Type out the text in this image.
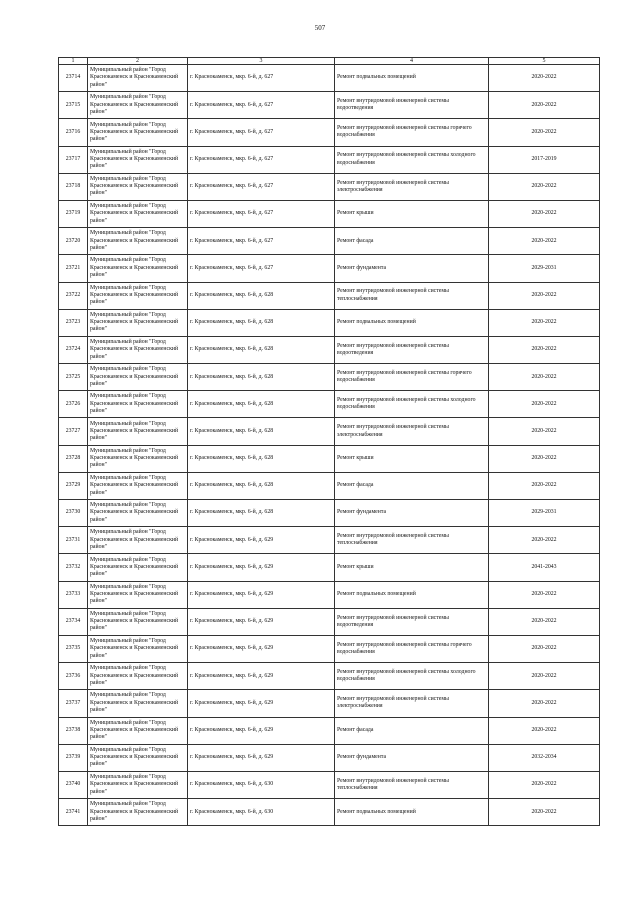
507
1	2	3	4	5
23714	Муниципальный район "Город Краснокаменск и Краснокаменский район"	г. Краснокаменск, мкр. 6-й, д. 627	Ремонт подвальных помещений	2020-2022
23715	Муниципальный район "Город Краснокаменск и Краснокаменский район"	г. Краснокаменск, мкр. 6-й, д. 627	Ремонт внутридомовой инженерной системы водоотведения	2020-2022
23716	Муниципальный район "Город Краснокаменск и Краснокаменский район"	г. Краснокаменск, мкр. 6-й, д. 627	Ремонт внутридомовой инженерной системы горячего водоснабжения	2020-2022
23717	Муниципальный район "Город Краснокаменск и Краснокаменский район"	г. Краснокаменск, мкр. 6-й, д. 627	Ремонт внутридомовой инженерной системы холодного водоснабжения	2017-2019
23718	Муниципальный район "Город Краснокаменск и Краснокаменский район"	г. Краснокаменск, мкр. 6-й, д. 627	Ремонт внутридомовой инженерной системы электроснабжения	2020-2022
23719	Муниципальный район "Город Краснокаменск и Краснокаменский район"	г. Краснокаменск, мкр. 6-й, д. 627	Ремонт крыши	2020-2022
23720	Муниципальный район "Город Краснокаменск и Краснокаменский район"	г. Краснокаменск, мкр. 6-й, д. 627	Ремонт фасада	2020-2022
23721	Муниципальный район "Город Краснокаменск и Краснокаменский район"	г. Краснокаменск, мкр. 6-й, д. 627	Ремонт фундамента	2029-2031
23722	Муниципальный район "Город Краснокаменск и Краснокаменский район"	г. Краснокаменск, мкр. 6-й, д. 628	Ремонт внутридомовой инженерной системы теплоснабжения	2020-2022
23723	Муниципальный район "Город Краснокаменск и Краснокаменский район"	г. Краснокаменск, мкр. 6-й, д. 628	Ремонт подвальных помещений	2020-2022
23724	Муниципальный район "Город Краснокаменск и Краснокаменский район"	г. Краснокаменск, мкр. 6-й, д. 628	Ремонт внутридомовой инженерной системы водоотведения	2020-2022
23725	Муниципальный район "Город Краснокаменск и Краснокаменский район"	г. Краснокаменск, мкр. 6-й, д. 628	Ремонт внутридомовой инженерной системы горячего водоснабжения	2020-2022
23726	Муниципальный район "Город Краснокаменск и Краснокаменский район"	г. Краснокаменск, мкр. 6-й, д. 628	Ремонт внутридомовой инженерной системы холодного водоснабжения	2020-2022
23727	Муниципальный район "Город Краснокаменск и Краснокаменский район"	г. Краснокаменск, мкр. 6-й, д. 628	Ремонт внутридомовой инженерной системы электроснабжения	2020-2022
23728	Муниципальный район "Город Краснокаменск и Краснокаменский район"	г. Краснокаменск, мкр. 6-й, д. 628	Ремонт крыши	2020-2022
23729	Муниципальный район "Город Краснокаменск и Краснокаменский район"	г. Краснокаменск, мкр. 6-й, д. 628	Ремонт фасада	2020-2022
23730	Муниципальный район "Город Краснокаменск и Краснокаменский район"	г. Краснокаменск, мкр. 6-й, д. 628	Ремонт фундамента	2029-2031
23731	Муниципальный район "Город Краснокаменск и Краснокаменский район"	г. Краснокаменск, мкр. 6-й, д. 629	Ремонт внутридомовой инженерной системы теплоснабжения	2020-2022
23732	Муниципальный район "Город Краснокаменск и Краснокаменский район"	г. Краснокаменск, мкр. 6-й, д. 629	Ремонт крыши	2041-2043
23733	Муниципальный район "Город Краснокаменск и Краснокаменский район"	г. Краснокаменск, мкр. 6-й, д. 629	Ремонт подвальных помещений	2020-2022
23734	Муниципальный район "Город Краснокаменск и Краснокаменский район"	г. Краснокаменск, мкр. 6-й, д. 629	Ремонт внутридомовой инженерной системы водоотведения	2020-2022
23735	Муниципальный район "Город Краснокаменск и Краснокаменский район"	г. Краснокаменск, мкр. 6-й, д. 629	Ремонт внутридомовой инженерной системы горячего водоснабжения	2020-2022
23736	Муниципальный район "Город Краснокаменск и Краснокаменский район"	г. Краснокаменск, мкр. 6-й, д. 629	Ремонт внутридомовой инженерной системы холодного водоснабжения	2020-2022
23737	Муниципальный район "Город Краснокаменск и Краснокаменский район"	г. Краснокаменск, мкр. 6-й, д. 629	Ремонт внутридомовой инженерной системы электроснабжения	2020-2022
23738	Муниципальный район "Город Краснокаменск и Краснокаменский район"	г. Краснокаменск, мкр. 6-й, д. 629	Ремонт фасада	2020-2022
23739	Муниципальный район "Город Краснокаменск и Краснокаменский район"	г. Краснокаменск, мкр. 6-й, д. 629	Ремонт фундамента	2032-2034
23740	Муниципальный район "Город Краснокаменск и Краснокаменский район"	г. Краснокаменск, мкр. 6-й, д. 630	Ремонт внутридомовой инженерной системы теплоснабжения	2020-2022
23741	Муниципальный район "Город Краснокаменск и Краснокаменский район"	г. Краснокаменск, мкр. 6-й, д. 630	Ремонт подвальных помещений	2020-2022
